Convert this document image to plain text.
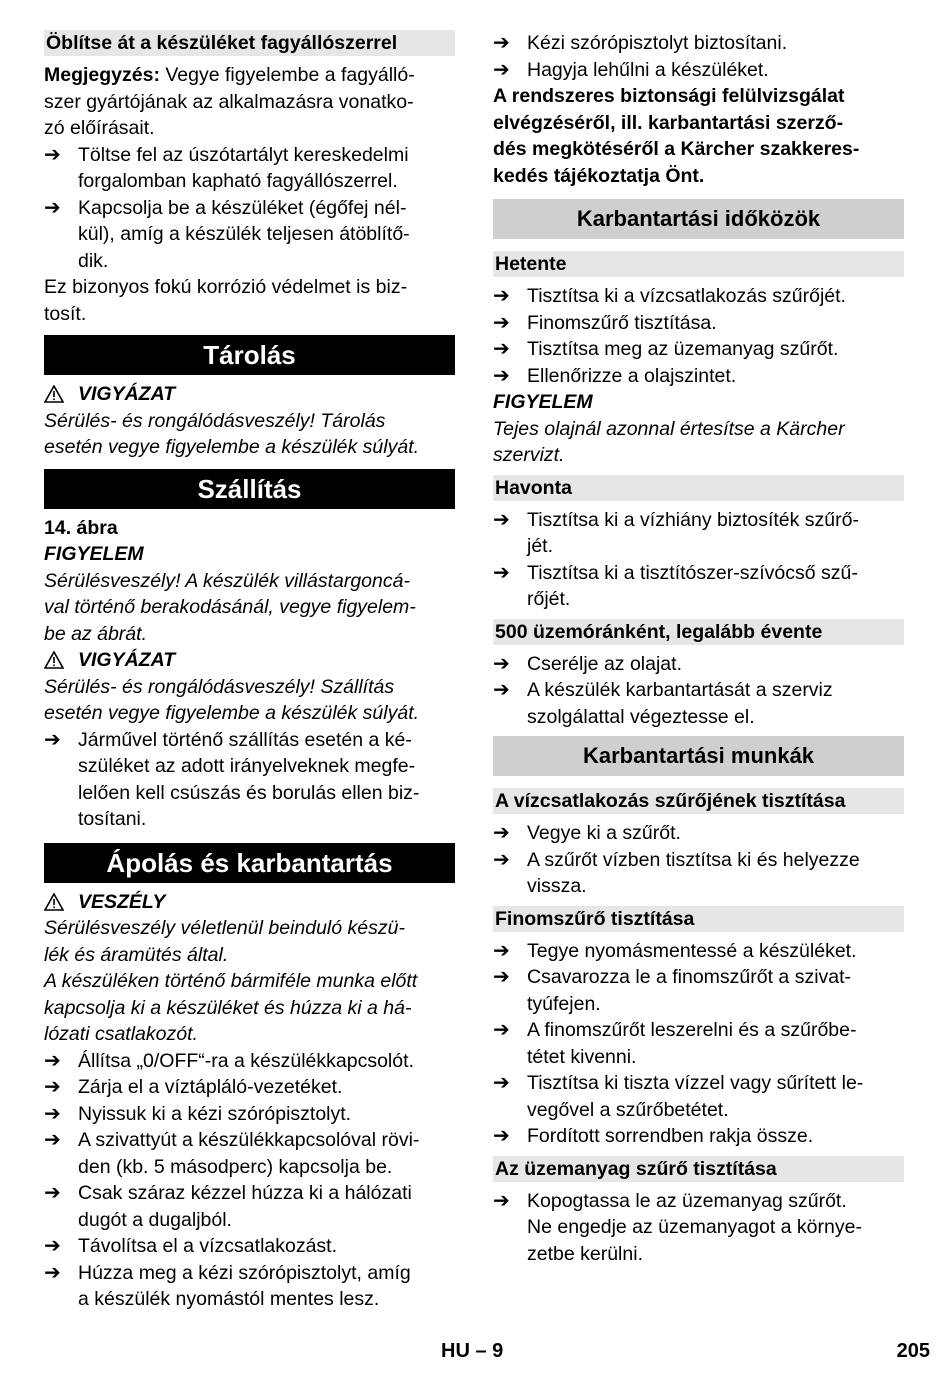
Öblítse át a készüléket fagyállószerrel

Megjegyzés: Vegye figyelembe a fagyálló-
szer gyártójának az alkalmazásra vonatko-
zó előírásait.

➔ Töltse fel az úszótartályt kereskedelmi
forgalomban kapható fagyállószerrel.
➔ Kapcsolja be a készüléket (égőfej nél-
kül), amíg a készülék teljesen átöblítő-
dik.

Ez bizonyos fokú korrózió védelmet is biz-
tosít.

Tárolás
VIGYÁZAT

Sérülés- és rongálódásveszély! Tárolás
esetén vegye figyelembe a készülék súlyát.

Szállítás

14. ábra

FIGYELEM

Sérülésveszély! A készülék villástargoncá-
val történő berakodásánál, vegye figyelem-
be az ábrát.

VIGYÁZAT

Sérülés- és rongálódásveszély! Szállítás
esetén vegye figyelembe a készülék súlyát.

➔ Járművel történő szállítás esetén a ké-
szüléket az adott irányelveknek megfe-
lelően kell csúszás és borulás ellen biz-
tosítani.
Ápolás és karbantartás
VESZÉLY

Sérülésveszély véletlenül beinduló készü-
lék és áramütés által.
A készüléken történő bármiféle munka előtt
kapcsolja ki a készüléket és húzza ki a há-
lózati csatlakozót.

➔ Állítsa „0/OFF“-ra a készülékkapcsolót.
➔ Zárja el a víztápláló-vezetéket.
➔ Nyissuk ki a kézi szórópisztolyt.
➔ A szivattyút a készülékkapcsolóval rövi-
den (kb. 5 másodperc) kapcsolja be.
➔ Csak száraz kézzel húzza ki a hálózati
dugót a dugaljból.
➔ Távolítsa el a vízcsatlakozást.
➔ Húzza meg a kézi szórópisztolyt, amíg
a készülék nyomástól mentes lesz.
➔ Kézi szórópisztolyt biztosítani.
➔ Hagyja lehűlni a készüléket.

A rendszeres biztonsági felülvizsgálat
elvégzéséről, ill. karbantartási szerző-
dés megkötéséről a Kärcher szakkeres-
kedés tájékoztatja Önt.

Karbantartási időközök
Hetente
➔ Tisztítsa ki a vízcsatlakozás szűrőjét.
➔ Finomszűrő tisztítása.
➔ Tisztítsa meg az üzemanyag szűrőt.
➔ Ellenőrizze a olajszintet.

FIGYELEM

Tejes olajnál azonnal értesítse a Kärcher
szervizt.

Havonta
➔ Tisztítsa ki a vízhiány biztosíték szűrő-
jét.
➔ Tisztítsa ki a tisztítószer-szívócső szű-
rőjét.
500 üzemóránként, legalább évente
➔ Cserélje az olajat.
➔ A készülék karbantartását a szerviz
szolgálattal végeztesse el.
Karbantartási munkák
A vízcsatlakozás szűrőjének tisztítása
➔ Vegye ki a szűrőt.
➔ A szűrőt vízben tisztítsa ki és helyezze
vissza.
Finomszűrő tisztítása
➔ Tegye nyomásmentessé a készüléket.
➔ Csavarozza le a finomszűrőt a szivat-
tyúfejen.
➔ A finomszűrőt leszerelni és a szűrőbe-
tétet kivenni.
➔ Tisztítsa ki tiszta vízzel vagy sűrített le-
vegővel a szűrőbetétet.
➔ Fordított sorrendben rakja össze.
Az üzemanyag szűrő tisztítása
➔ Kopogtassa le az üzemanyag szűrőt.
Ne engedje az üzemanyagot a környe-
zetbe kerülni.
HU – 9	205
